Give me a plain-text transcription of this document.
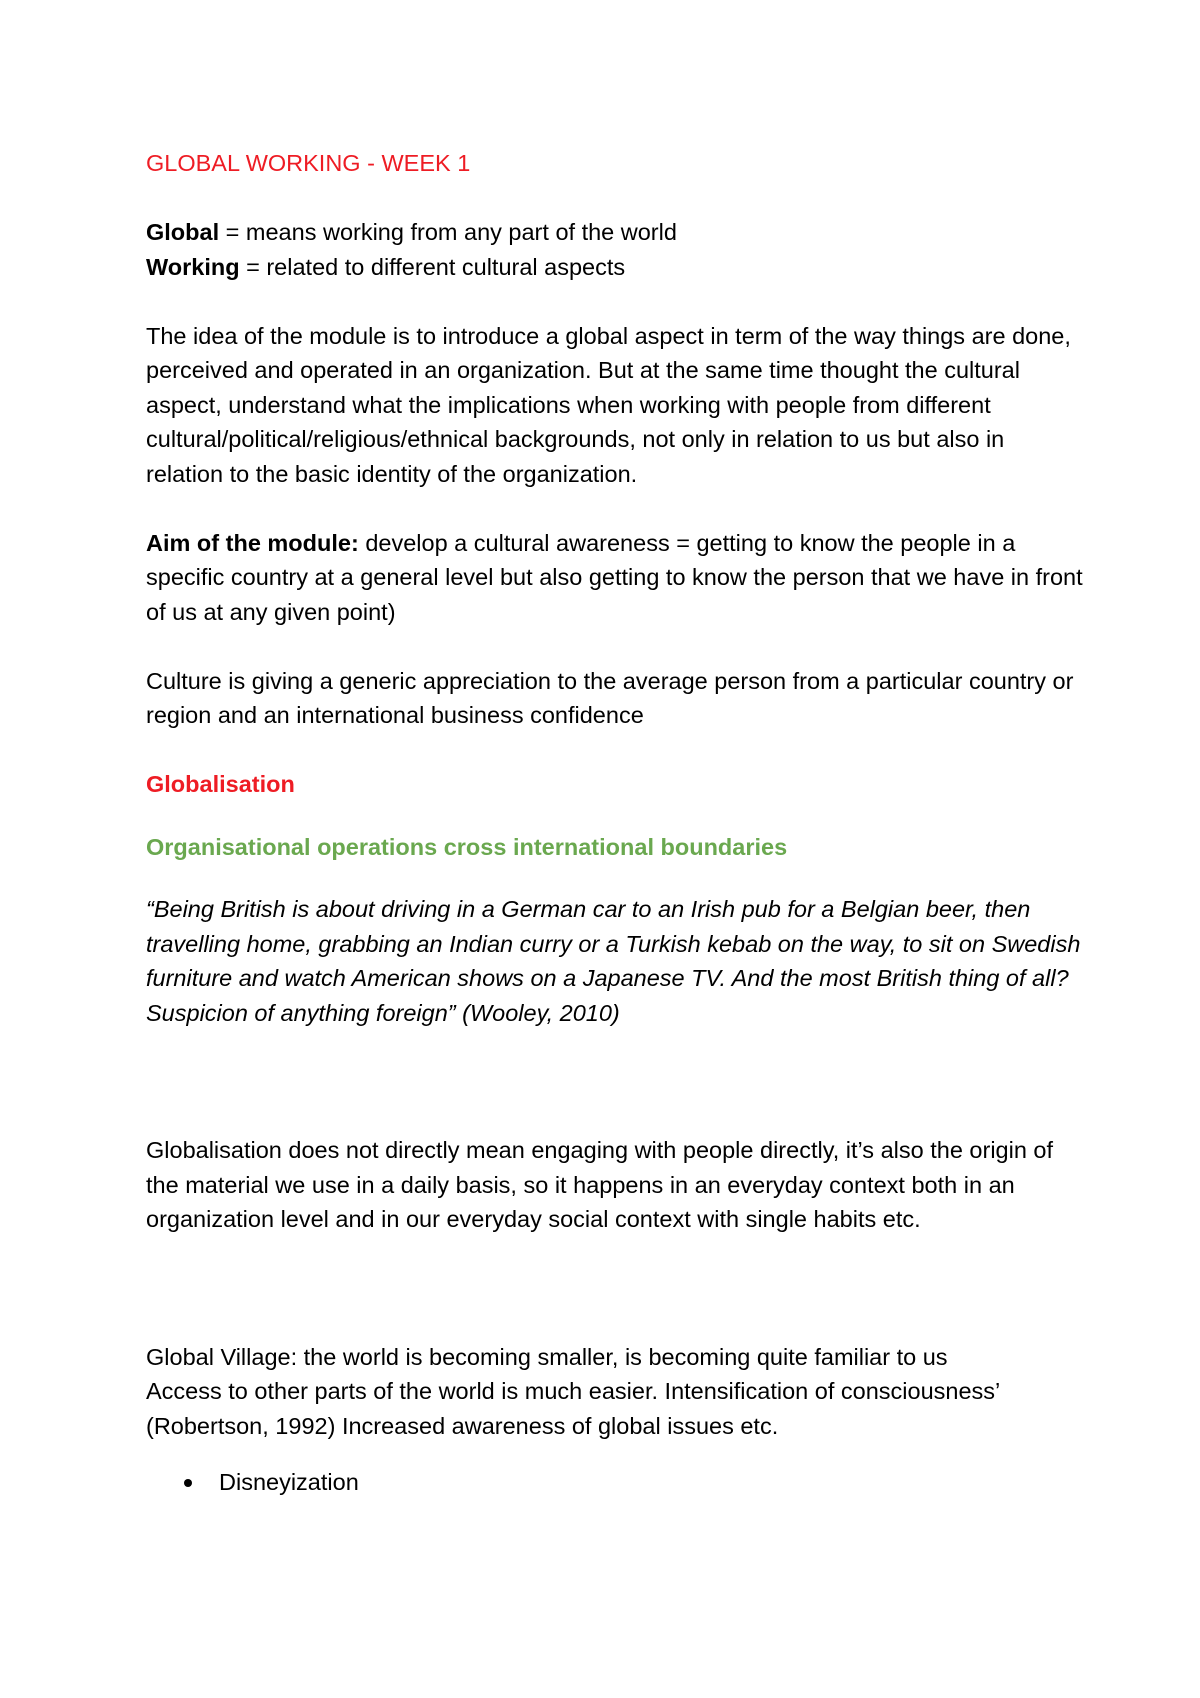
GLOBAL WORKING - WEEK 1

Global = means working from any part of the world

Working = related to different cultural aspects

The idea of the module is to introduce a global aspect in term of the way things are done, perceived and operated in an organization. But at the same time thought the cultural aspect, understand what the implications when working with people from different cultural/political/religious/ethnical backgrounds, not only in relation to us but also in relation to the basic identity of the organization.

Aim of the module: develop a cultural awareness = getting to know the people in a specific country at a general level but also getting to know the person that we have in front of us at any given point)

Culture is giving a generic appreciation to the average person from a particular country or region and an international business confidence

Globalisation

Organisational operations cross international boundaries

“Being British is about driving in a German car to an Irish pub for a Belgian beer, then travelling home, grabbing an Indian curry or a Turkish kebab on the way, to sit on Swedish furniture and watch American shows on a Japanese TV. And the most British thing of all? Suspicion of anything foreign” (Wooley, 2010)

Globalisation does not directly mean engaging with people directly, it’s also the origin of the material we use in a daily basis, so it happens in an everyday context both in an organization level and in our everyday social context with single habits etc.

Global Village: the world is becoming smaller, is becoming quite familiar to us

Access to other parts of the world is much easier. Intensification of consciousness’ (Robertson, 1992) Increased awareness of global issues etc.

Disneyization
